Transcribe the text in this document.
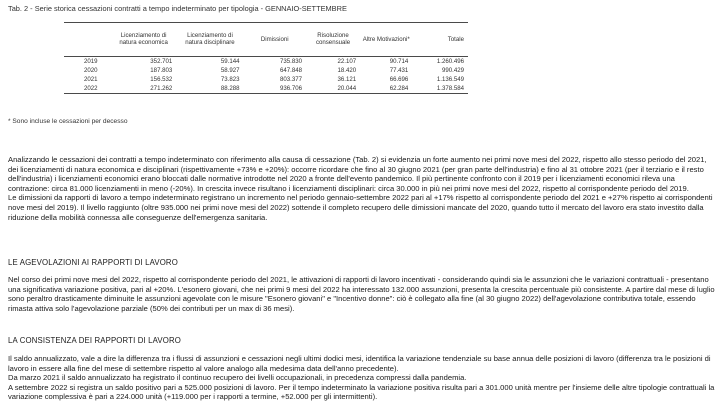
Tab. 2 - Serie storica cessazioni contratti a tempo indeterminato per tipologia - GENNAIO-SETTEMBRE
	Licenziamento di natura economica	Licenziamento di natura disciplinare	Dimissioni	Risoluzione consensuale	Altre Motivazioni*	Totale
2019	352.701	59.144	735.830	22.107	90.714	1.260.496
2020	187.803	58.927	647.848	18.420	77.431	990.429
2021	156.532	73.823	803.377	36.121	66.696	1.136.549
2022	271.262	88.288	936.706	20.044	62.284	1.378.584
* Sono incluse le cessazioni per decesso

Analizzando le cessazioni dei contratti a tempo indeterminato con riferimento alla causa di cessazione (Tab. 2) si evidenzia un forte aumento nei primi nove mesi del 2022, rispetto allo stesso periodo del 2021, dei licenziamenti di natura economica e disciplinari (rispettivamente +73% e +20%): occorre ricordare che fino al 30 giugno 2021 (per gran parte dell'industria) e fino al 31 ottobre 2021 (per il terziario e il resto dell'industria) i licenziamenti economici erano bloccati dalle normative introdotte nel 2020 a fronte dell'evento pandemico. Il più pertinente confronto con il 2019 per i licenziamenti economici rileva una contrazione: circa 81.000 licenziamenti in meno (-20%). In crescita invece risultano i licenziamenti disciplinari: circa 30.000 in più nei primi nove mesi del 2022, rispetto al corrispondente periodo del 2019.

Le dimissioni da rapporti di lavoro a tempo indeterminato registrano un incremento nel periodo gennaio-settembre 2022 pari al +17% rispetto al corrispondente periodo del 2021 e +27% rispetto ai corrispondenti nove mesi del 2019). Il livello raggiunto (oltre 935.000 nei primi nove mesi del 2022) sottende il completo recupero delle dimissioni mancate del 2020, quando tutto il mercato del lavoro era stato investito dalla riduzione della mobilità connessa alle conseguenze dell'emergenza sanitaria.

LE AGEVOLAZIONI AI RAPPORTI DI LAVORO

Nel corso dei primi nove mesi del 2022, rispetto al corrispondente periodo del 2021, le attivazioni di rapporti di lavoro incentivati - considerando quindi sia le assunzioni che le variazioni contrattuali - presentano una significativa variazione positiva, pari al +20%. L'esonero giovani, che nei primi 9 mesi del 2022 ha interessato 132.000 assunzioni, presenta la crescita percentuale più consistente. A partire dal mese di luglio sono peraltro drasticamente diminuite le assunzioni agevolate con le misure "Esonero giovani" e "Incentivo donne": ciò è collegato alla fine (al 30 giugno 2022) dell'agevolazione contributiva totale, essendo rimasta attiva solo l'agevolazione parziale (50% dei contributi per un max di 36 mesi).

LA CONSISTENZA DEI RAPPORTI DI LAVORO

Il saldo annualizzato, vale a dire la differenza tra i flussi di assunzioni e cessazioni negli ultimi dodici mesi, identifica la variazione tendenziale su base annua delle posizioni di lavoro (differenza tra le posizioni di lavoro in essere alla fine del mese di settembre rispetto al valore analogo alla medesima data dell'anno precedente).

Da marzo 2021 il saldo annualizzato ha registrato il continuo recupero dei livelli occupazionali, in precedenza compressi dalla pandemia.

A settembre 2022 si registra un saldo positivo pari a 525.000 posizioni di lavoro. Per il tempo indeterminato la variazione positiva risulta pari a 301.000 unità mentre per l'insieme delle altre tipologie contrattuali la variazione complessiva è pari a 224.000 unità (+119.000 per i rapporti a termine, +52.000 per gli intermittenti).
